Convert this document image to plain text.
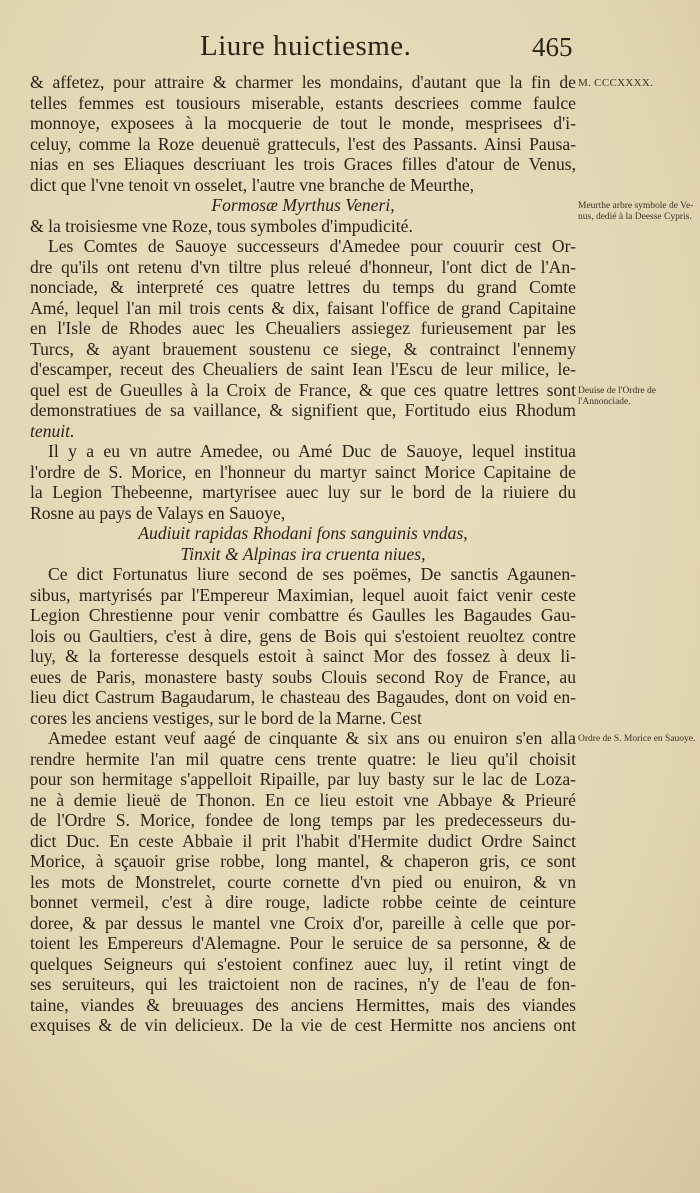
Liure huictiesme.	465
& affetez, pour attraire & charmer les mondains, d'autant que la fin de
telles femmes est tousiours miserable, estants descriees comme faulce
monnoye, exposees à la mocquerie de tout le monde, mesprisees d'i-
celuy, comme la Roze deuenuë gratteculs, l'est des Passants. Ainsi Pausa-
nias en ses Eliaques descriuant les trois Graces filles d'atour de Venus,
dict que l'vne tenoit vn osselet, l'autre vne branche de Meurthe,
Formosæ Myrthus Veneri,
& la troisiesme vne Roze, tous symboles d'impudicité.
Les Comtes de Sauoye successeurs d'Amedee pour couurir cest Or-
dre qu'ils ont retenu d'vn tiltre plus releué d'honneur, l'ont dict de l'An-
nonciade, & interpreté ces quatre lettres du temps du grand Comte
Amé, lequel l'an mil trois cents & dix, faisant l'office de grand Capitaine
en l'Isle de Rhodes auec les Cheualiers assiegez furieusement par les
Turcs, & ayant brauement soustenu ce siege, & contrainct l'ennemy
d'escamper, receut des Cheualiers de saint Iean l'Escu de leur milice, le-
quel est de Gueulles à la Croix de France, & que ces quatre lettres sont
demonstratiues de sa vaillance, & signifient que, Fortitudo eius Rhodum
tenuit.
Il y a eu vn autre Amedee, ou Amé Duc de Sauoye, lequel institua
l'ordre de S. Morice, en l'honneur du martyr sainct Morice Capitaine de
la Legion Thebeenne, martyrisee auec luy sur le bord de la riuiere du
Rosne au pays de Valays en Sauoye,
Audiuit rapidas Rhodani fons sanguinis vndas,
Tinxit & Alpinas ira cruenta niues,
Ce dict Fortunatus liure second de ses poëmes, De sanctis Agaunen-
sibus, martyrisés par l'Empereur Maximian, lequel auoit faict venir ceste
Legion Chrestienne pour venir combattre és Gaulles les Bagaudes Gau-
lois ou Gaultiers, c'est à dire, gens de Bois qui s'estoient reuoltez contre
luy, & la forteresse desquels estoit à sainct Mor des fossez à deux li-
eues de Paris, monastere basty soubs Clouis second Roy de France, au
lieu dict Castrum Bagaudarum, le chasteau des Bagaudes, dont on void en-
cores les anciens vestiges, sur le bord de la Marne. Cest
Amedee estant veuf aagé de cinquante & six ans ou enuiron s'en alla
rendre hermite l'an mil quatre cens trente quatre: le lieu qu'il choisit
pour son hermitage s'appelloit Ripaille, par luy basty sur le lac de Loza-
ne à demie lieuë de Thonon. En ce lieu estoit vne Abbaye & Prieuré
de l'Ordre S. Morice, fondee de long temps par les predecesseurs du-
dict Duc. En ceste Abbaie il prit l'habit d'Hermite dudict Ordre Sainct
Morice, à sçauoir grise robbe, long mantel, & chaperon gris, ce sont
les mots de Monstrelet, courte cornette d'vn pied ou enuiron, & vn
bonnet vermeil, c'est à dire rouge, ladicte robbe ceinte de ceinture
doree, & par dessus le mantel vne Croix d'or, pareille à celle que por-
toient les Empereurs d'Alemagne. Pour le seruice de sa personne, & de
quelques Seigneurs qui s'estoient confinez auec luy, il retint vingt de
ses seruiteurs, qui les traictoient non de racines, n'y de l'eau de fon-
taine, viandes & breuuages des anciens Hermittes, mais des viandes
exquises & de vin delicieux. De la vie de cest Hermitte nos anciens ont
M. CCCXXXX.
Meurthe arbre symbole de Ve-nus, dedié à la Deesse Cypris.
Deuise de l'Ordre de l'Annonciade.
Ordre de S. Morice en Sauoye.
